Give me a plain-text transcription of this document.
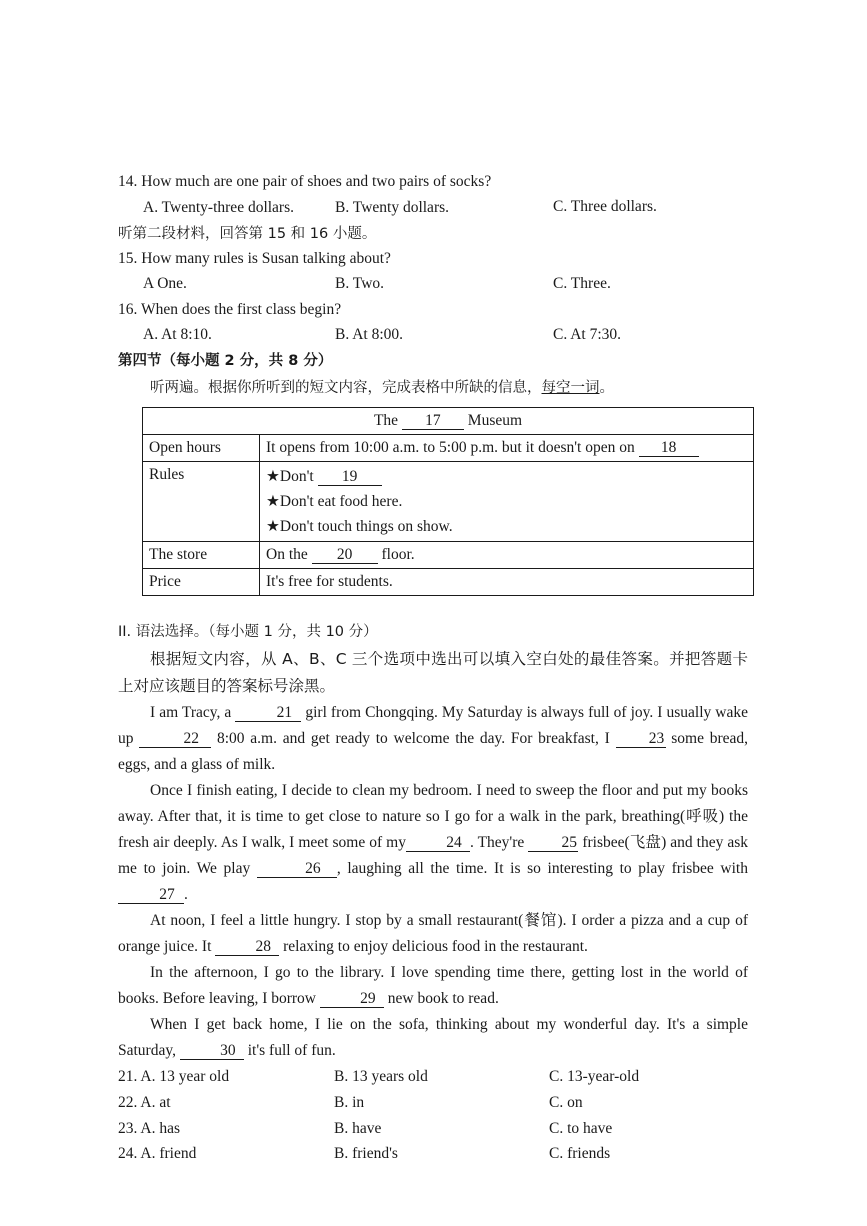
14. How much are one pair of shoes and two pairs of socks?
A. Twenty-three dollars.	B. Twenty dollars.	C. Three dollars.
听第二段材料，回答第 15 和 16 小题。
15. How many rules is Susan talking about?
A One.	B. Two.	C. Three.
16. When does the first class begin?
A. At 8:10.	B. At 8:00.	C. At 7:30.
第四节（每小题 2 分，共 8 分）
听两遍。根据你所听到的短文内容，完成表格中所缺的信息，每空一词。
The 17 Museum	
Open hours	It opens from 10:00 a.m. to 5:00 p.m. but it doesn't open on 18
Rules	★Don't 19
★Don't eat food here.
★Don't touch things on show.

The store	On the 20 floor.
Price	It's free for students.
II. 语法选择。（每小题 1 分，共 10 分）
根据短文内容，从 A、B、C 三个选项中选出可以填入空白处的最佳答案。并把答题卡上对应该题目的答案标号涂黑。

I am Tracy, a	21 girl from Chongqing. My Saturday is always full of joy. I usually wake up	22 8:00 a.m. and get ready to welcome the day. For breakfast, I	23 some bread, eggs, and a glass of milk.

Once I finish eating, I decide to clean my bedroom. I need to sweep the floor and put my books away. After that, it is time to get close to nature so I go for a walk in the park, breathing(呼吸) the fresh air deeply. As I walk, I meet some of my	24 . They're 25 frisbee(飞盘) and they ask me to join. We play	26 , laughing all the time. It is so interesting to play frisbee with 27 .

At noon, I feel a little hungry. I stop by a small restaurant(餐馆). I order a pizza and a cup of orange juice. It	28 relaxing to enjoy delicious food in the restaurant.

In the afternoon, I go to the library. I love spending time there, getting lost in the world of books. Before leaving, I borrow	29 new book to read.

When I get back home, I lie on the sofa, thinking about my wonderful day. It's a simple Saturday,	30 it's full of fun.

21. A. 13 year old	B. 13 years old	C. 13-year-old
22. A. at	B. in	C. on
23. A. has	B. have	C. to have
24. A. friend	B. friend's	C. friends
